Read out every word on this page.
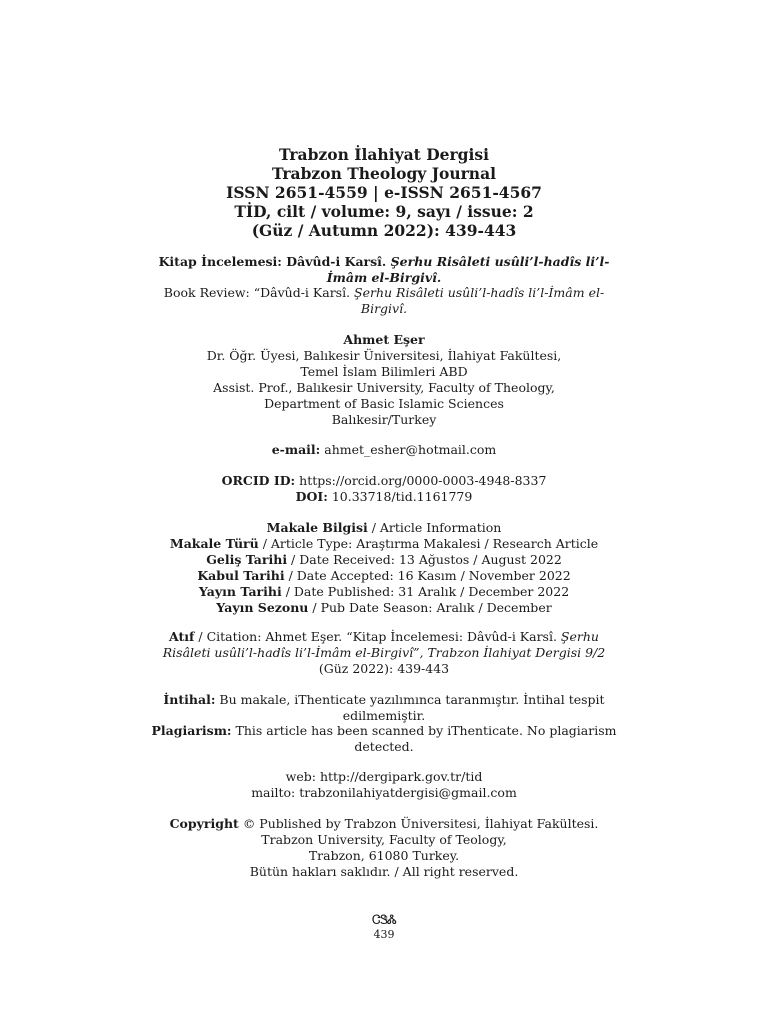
Trabzon İlahiyat Dergisi
Trabzon Theology Journal
ISSN 2651-4559 | e-ISSN 2651-4567
TİD, cilt / volume: 9, sayı / issue: 2
(Güz / Autumn 2022): 439-443
Kitap İncelemesi: Dâvûd-i Karsî. Şerhu Risâleti usûli’l-hadîs li’l-İmâm el-Birgivî.
Book Review: “Dâvûd-i Karsî. Şerhu Risâleti usûli’l-hadîs li’l-İmâm el-Birgivî.
Ahmet Eşer
Dr. Öğr. Üyesi, Balıkesir Üniversitesi, İlahiyat Fakültesi,
Temel İslam Bilimleri ABD
Assist. Prof., Balıkesir University, Faculty of Theology,
Department of Basic Islamic Sciences
Balıkesir/Turkey
e-mail: ahmet_esher@hotmail.com
ORCID ID: https://orcid.org/0000-0003-4948-8337
DOI: 10.33718/tid.1161779
Makale Bilgisi / Article Information
Makale Türü / Article Type: Araştırma Makalesi / Research Article
Geliş Tarihi / Date Received: 13 Ağustos / August 2022
Kabul Tarihi / Date Accepted: 16 Kasım / November 2022
Yayın Tarihi / Date Published: 31 Aralık / December 2022
Yayın Sezonu / Pub Date Season: Aralık / December
Atıf / Citation: Ahmet Eşer. “Kitap İncelemesi: Dâvûd-i Karsî. Şerhu Risâleti usûli’l-hadîs li’l-İmâm el-Birgivî”, Trabzon İlahiyat Dergisi 9/2
(Güz 2022): 439-443
İntihal: Bu makale, iThenticate yazılımınca taranmıştır. İntihal tespit edilmemiştir.
Plagiarism: This article has been scanned by iThenticate. No plagiarism detected.
web: http://dergipark.gov.tr/tid
mailto: trabzonilahiyatdergisi@gmail.com
Copyright © Published by Trabzon Üniversitesi, İlahiyat Fakültesi.
Trabzon University, Faculty of Teology,
Trabzon, 61080 Turkey.
Bütün hakları saklıdır. / All right reserved.
ᏣᏕᏜ
439
